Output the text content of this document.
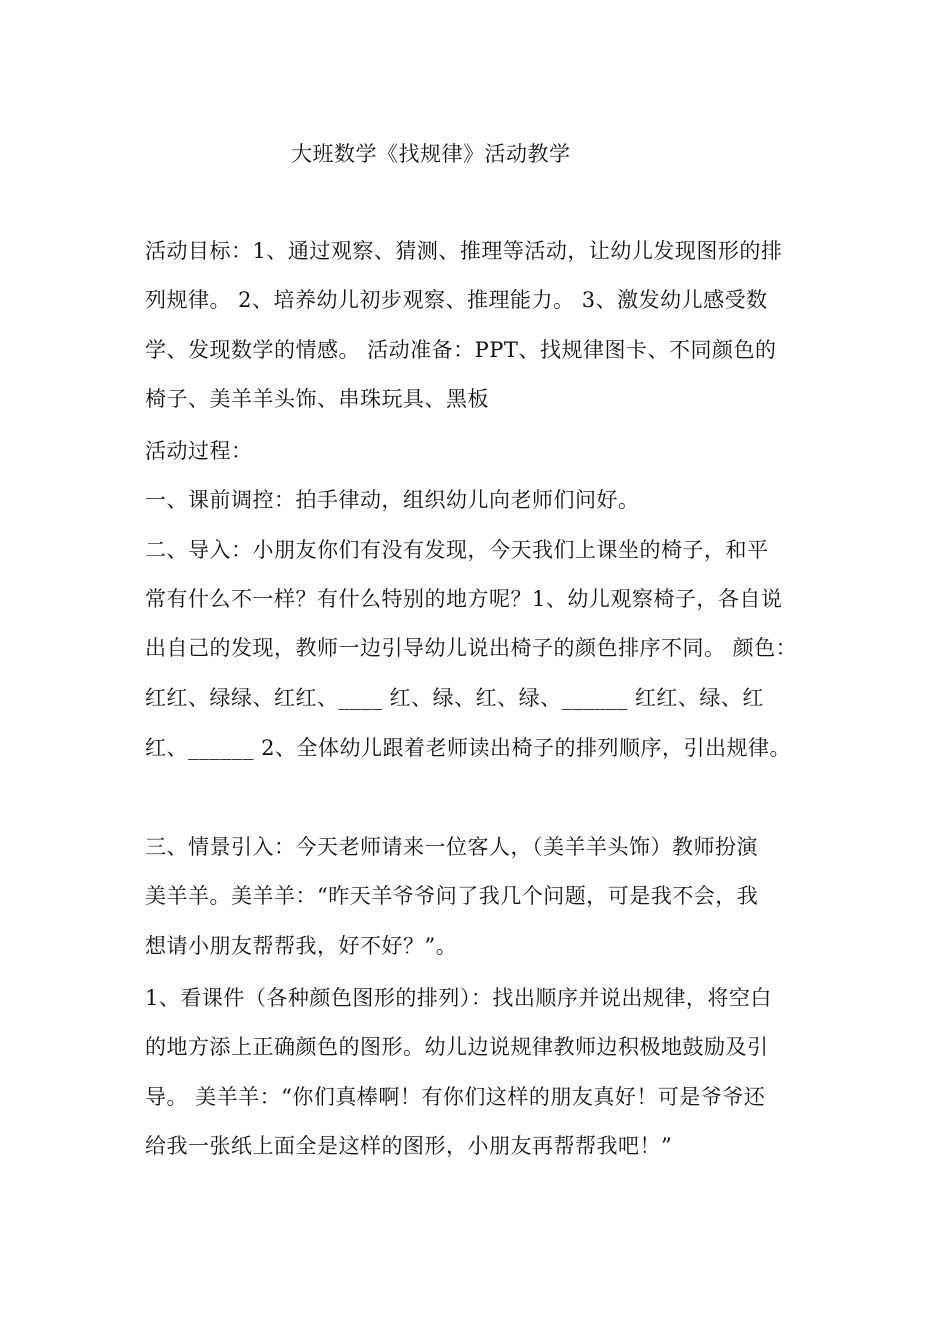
大班数学《找规律》活动教学
活动目标：1、通过观察、猜测、推理等活动，让幼儿发现图形的排
列规律。 2、培养幼儿初步观察、推理能力。 3、激发幼儿感受数
学、发现数学的情感。 活动准备：PPT、找规律图卡、不同颜色的
椅子、美羊羊头饰、串珠玩具、黑板
活动过程：
一、课前调控：拍手律动，组织幼儿向老师们问好。
二、导入：小朋友你们有没有发现，今天我们上课坐的椅子，和平
常有什么不一样？有什么特别的地方呢？1、幼儿观察椅子，各自说
出自己的发现，教师一边引导幼儿说出椅子的颜色排序不同。 颜色：
红红、绿绿、红红、____ 红、绿、红、绿、______ 红红、绿、红
红、______ 2、全体幼儿跟着老师读出椅子的排列顺序，引出规律。
三、情景引入：今天老师请来一位客人，（美羊羊头饰）教师扮演
美羊羊。美羊羊：“昨天羊爷爷问了我几个问题，可是我不会，我
想请小朋友帮帮我，好不好？”。
1、看课件（各种颜色图形的排列）：找出顺序并说出规律，将空白
的地方添上正确颜色的图形。幼儿边说规律教师边积极地鼓励及引
导。 美羊羊：“你们真棒啊！有你们这样的朋友真好！可是爷爷还
给我一张纸上面全是这样的图形，小朋友再帮帮我吧！”
